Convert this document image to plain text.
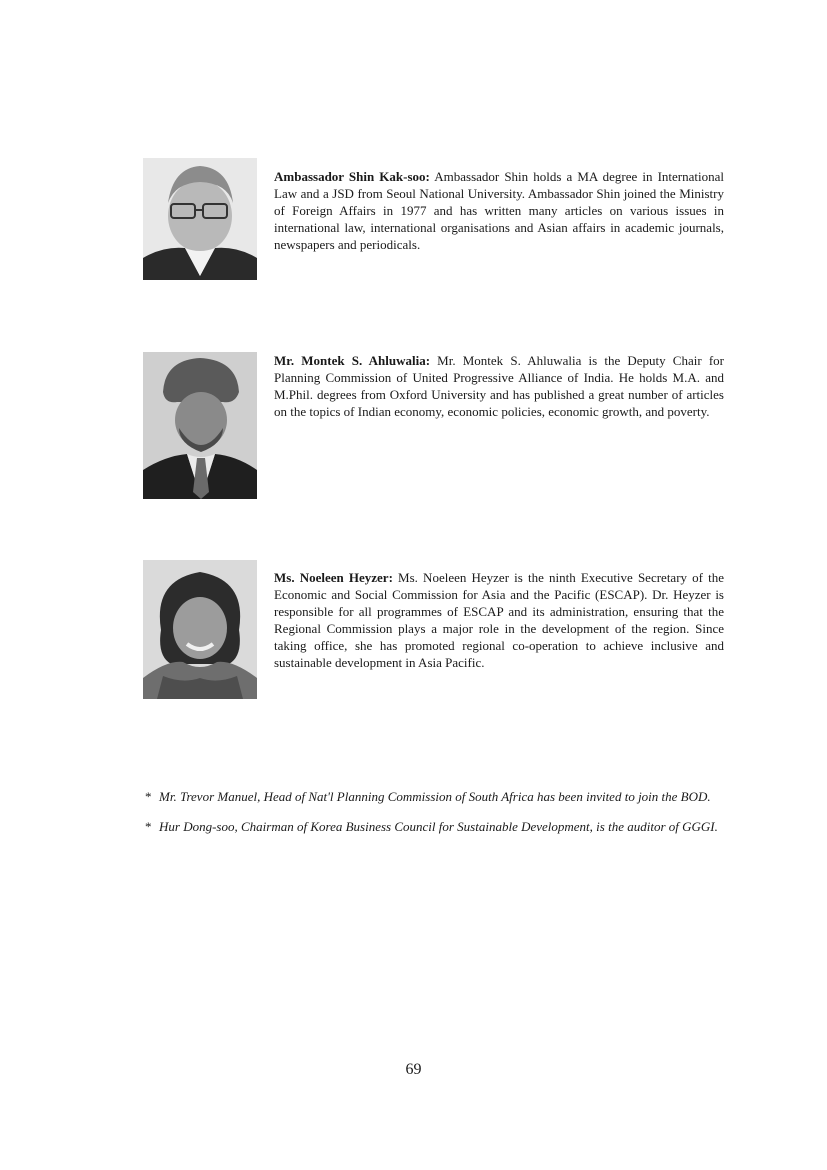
Ambassador Shin Kak-soo: Ambassador Shin holds a MA degree in International Law and a JSD from Seoul National University. Ambassador Shin joined the Ministry of Foreign Affairs in 1977 and has written many articles on various issues in international law, international organisations and Asian affairs in academic journals, newspapers and periodicals.

Mr. Montek S. Ahluwalia: Mr. Montek S. Ahluwalia is the Deputy Chair for Planning Commission of United Progressive Alliance of India. He holds M.A. and M.Phil. degrees from Oxford University and has published a great number of articles on the topics of Indian economy, economic policies, economic growth, and poverty.

Ms. Noeleen Heyzer: Ms. Noeleen Heyzer is the ninth Executive Secretary of the Economic and Social Commission for Asia and the Pacific (ESCAP). Dr. Heyzer is responsible for all programmes of ESCAP and its administration, ensuring that the Regional Commission plays a major role in the development of the region. Since taking office, she has promoted regional co-operation to achieve inclusive and sustainable development in Asia Pacific.

* Mr. Trevor Manuel, Head of Nat'l Planning Commission of South Africa has been invited to join the BOD.
* Hur Dong-soo, Chairman of Korea Business Council for Sustainable Development, is the auditor of GGGI.
69
